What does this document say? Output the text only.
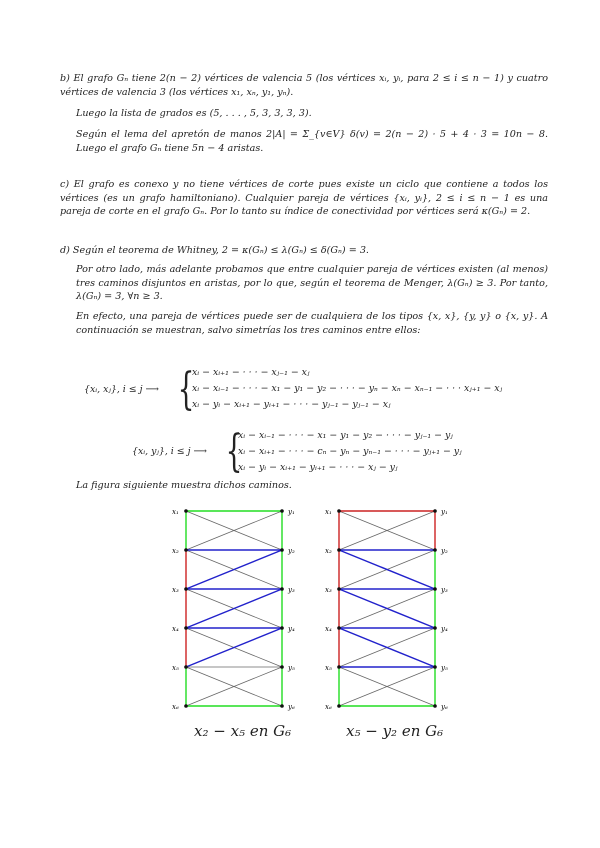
b) El grafo Gₙ tiene 2(n − 2) vértices de valencia 5 (los vértices xᵢ, yᵢ, para 2 ≤ i ≤ n − 1) y cuatro vértices de valencia 3 (los vértices x₁, xₙ, y₁, yₙ).
Luego la lista de grados es (5, . . . , 5, 3, 3, 3, 3).
Según el lema del apretón de manos 2|A| = Σ_{v∈V} δ(v) = 2(n − 2) · 5 + 4 · 3 = 10n − 8. Luego el grafo Gₙ tiene 5n − 4 aristas.
c) El grafo es conexo y no tiene vértices de corte pues existe un ciclo que contiene a todos los vértices (es un grafo hamiltoniano). Cualquier pareja de vértices {xᵢ, yᵢ}, 2 ≤ i ≤ n − 1 es una pareja de corte en el grafo Gₙ. Por lo tanto su índice de conectividad por vértices será κ(Gₙ) = 2.
d) Según el teorema de Whitney, 2 = κ(Gₙ) ≤ λ(Gₙ) ≤ δ(Gₙ) = 3.
Por otro lado, más adelante probamos que entre cualquier pareja de vértices existen (al menos) tres caminos disjuntos en aristas, por lo que, según el teorema de Menger, λ(Gₙ) ≥ 3. Por tanto, λ(Gₙ) = 3, ∀n ≥ 3.
En efecto, una pareja de vértices puede ser de cualquiera de los tipos {x, x}, {y, y} o {x, y}. A continuación se muestran, salvo simetrías los tres caminos entre ellos:
{xᵢ, xⱼ}, i ≤ j ⟶ {
xᵢ − xᵢ₊₁ − · · · − xⱼ₋₁ − xⱼ
xᵢ − xᵢ₋₁ − · · · − x₁ − y₁ − y₂ − · · · − yₙ − xₙ − xₙ₋₁ − · · · xⱼ₊₁ − xⱼ
xᵢ − yᵢ − xᵢ₊₁ − yᵢ₊₁ − · · · − yⱼ₋₁ − yⱼ₋₁ − xⱼ
{xᵢ, yⱼ}, i ≤ j ⟶ {
xᵢ − xᵢ₋₁ − · · · − x₁ − y₁ − y₂ − · · · − yⱼ₋₁ − yⱼ
xᵢ − xᵢ₊₁ − · · · − cₙ − yₙ − yₙ₋₁ − · · · − yⱼ₊₁ − yⱼ
xᵢ − yᵢ − xᵢ₊₁ − yᵢ₊₁ − · · · − xⱼ − yⱼ
La figura siguiente muestra dichos caminos.
x₁
x₂
x₃
x₄
x₅
x₆
y₁
y₂
y₃
y₄
y₅
y₆
x₁
x₂
x₃
x₄
x₅
x₆
y₁
y₂
y₃
y₄
y₅
y₆
x₂ − x₅ en G₆	x₅ − y₂ en G₆
